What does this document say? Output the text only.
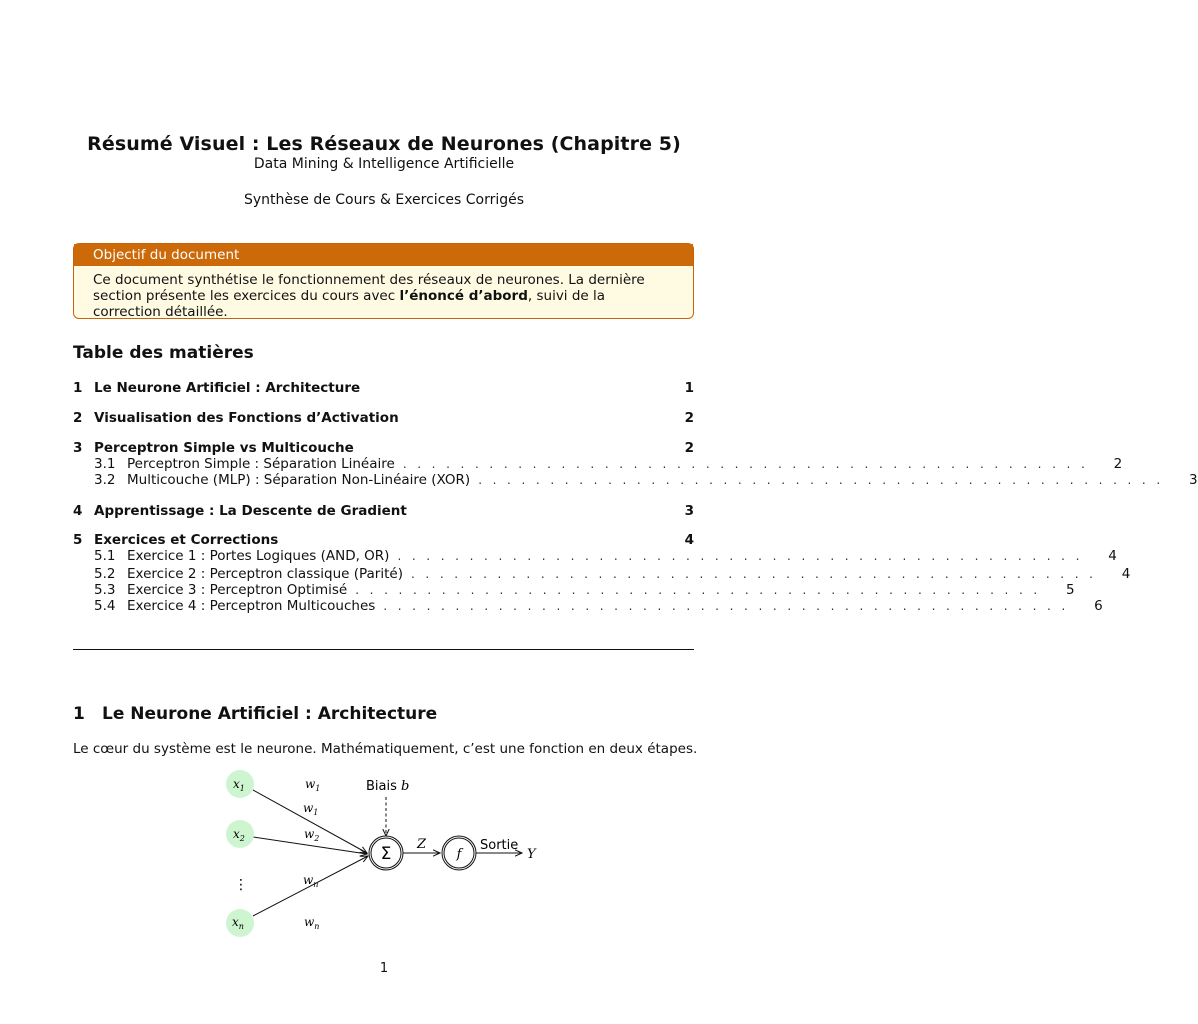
Résumé Visuel : Les Réseaux de Neurones (Chapitre 5)
Data Mining & Intelligence Artificielle
Synthèse de Cours & Exercices Corrigés
Objectif du document
Ce document synthétise le fonctionnement des réseaux de neurones. La dernière section présente les exercices du cours avec l’énoncé d’abord, suivi de la correction détaillée.
Table des matières
1 Le Neurone Artificiel : Architecture	1
2 Visualisation des Fonctions d’Activation	2
3 Perceptron Simple vs Multicouche	2
3.1 Perceptron Simple : Séparation Linéaire . . . . . . . . . . . . . . . . . . . . . . . . . . . . . . . . . . . . . . . . . . . . . . . .	2
3.2 Multicouche (MLP) : Séparation Non-Linéaire (XOR) . . . . . . . . . . . . . . . . . . . . . . . . . . . . . . . . . . . . . . . . . . . . . . . .	3
4 Apprentissage : La Descente de Gradient	3
5 Exercices et Corrections	4
5.1 Exercice 1 : Portes Logiques (AND, OR) . . . . . . . . . . . . . . . . . . . . . . . . . . . . . . . . . . . . . . . . . . . . . . . .	4
5.2 Exercice 2 : Perceptron classique (Parité) . . . . . . . . . . . . . . . . . . . . . . . . . . . . . . . . . . . . . . . . . . . . . . . .	4
5.3 Exercice 3 : Perceptron Optimisé . . . . . . . . . . . . . . . . . . . . . . . . . . . . . . . . . . . . . . . . . . . . . . . .	5
5.4 Exercice 4 : Perceptron Multicouches . . . . . . . . . . . . . . . . . . . . . . . . . . . . . . . . . . . . . . . . . . . . . . . .	6
1	Le Neurone Artificiel : Architecture
Le cœur du système est le neurone. Mathématiquement, c’est une fonction en deux étapes.
$x_1$
$x_2$
$x_n$
⋮
$w_1$
$w_1$
$w_2$
$w_n$
$w_n$
Biais b
Σ Z
f
Sortie
Y
1
